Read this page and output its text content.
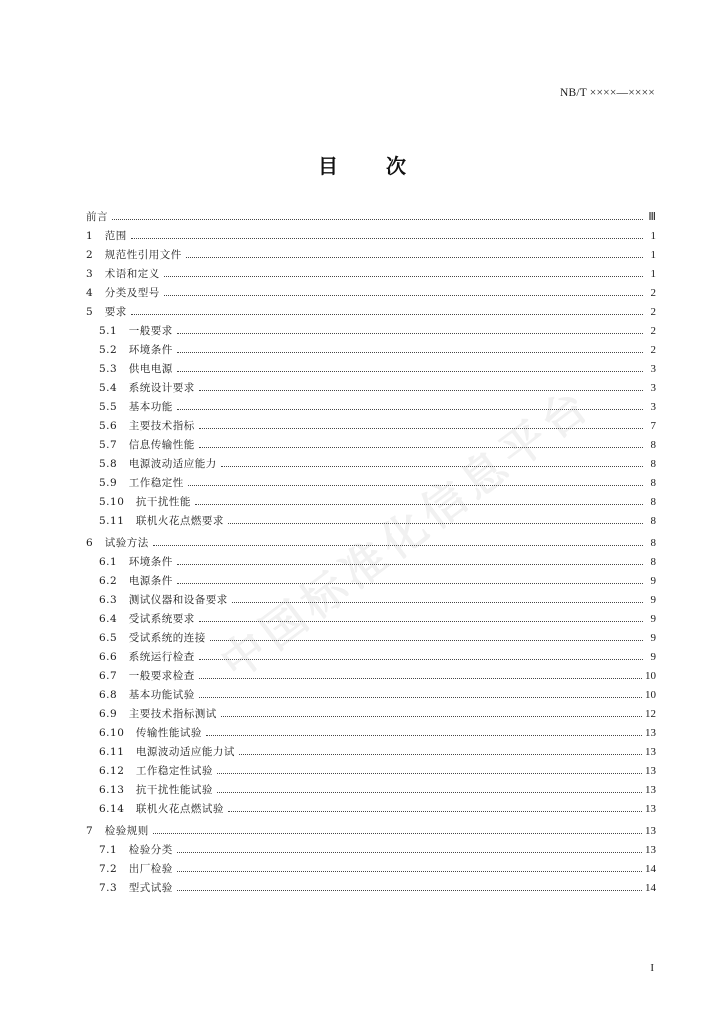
NB/T ××××—××××
目次
前言	Ⅲ
1   范围	1
2   规范性引用文件	1
3   术语和定义	1
4   分类及型号	2
5   要求	2
5.1   一般要求	2
5.2   环境条件	2
5.3   供电电源	3
5.4   系统设计要求	3
5.5   基本功能	3
5.6   主要技术指标	7
5.7   信息传输性能	8
5.8   电源波动适应能力	8
5.9   工作稳定性	8
5.10   抗干扰性能	8
5.11   联机火花点燃要求	8
6   试验方法	8
6.1   环境条件	8
6.2   电源条件	9
6.3   测试仪器和设备要求	9
6.4   受试系统要求	9
6.5   受试系统的连接	9
6.6   系统运行检查	9
6.7   一般要求检查	10
6.8   基本功能试验	10
6.9   主要技术指标测试	12
6.10   传输性能试验	13
6.11   电源波动适应能力试	13
6.12   工作稳定性试验	13
6.13   抗干扰性能试验	13
6.14   联机火花点燃试验	13
7   检验规则	13
7.1   检验分类	13
7.2   出厂检验	14
7.3   型式试验	14
I
中国标准化信息平台
